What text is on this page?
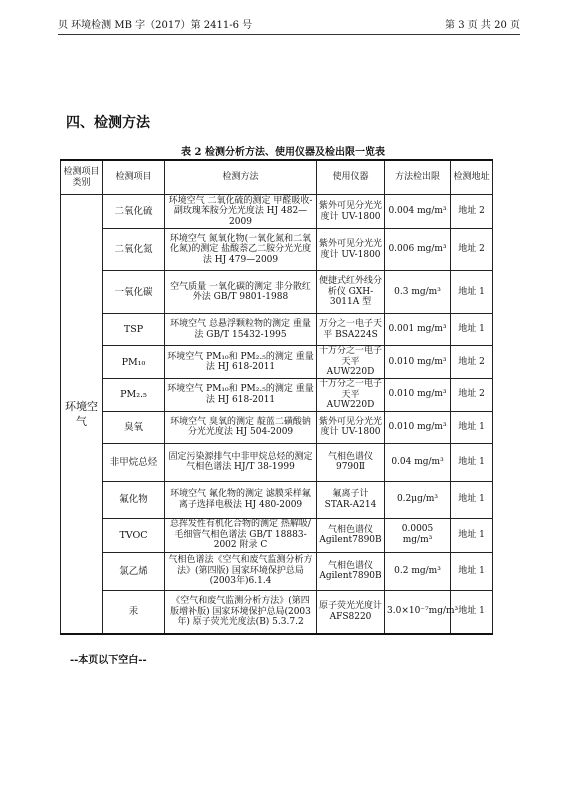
贝 环境检测 MB 字（2017）第 2411-6 号	第 3 页 共 20 页
四、检测方法
表 2 检测分析方法、使用仪器及检出限一览表
检测项目类别	检测项目	检测方法	使用仪器	方法检出限	检测地址
环境空气	二氧化硫	环境空气 二氧化硫的测定 甲醛吸收-副玫瑰苯胺分光光度法 HJ 482—2009	紫外可见分光光度计 UV-1800	0.004 mg/m³	地址 2
	二氧化氮	环境空气 氮氧化物(一氧化氮和二氧化氮)的测定 盐酸萘乙二胺分光光度法 HJ 479—2009	紫外可见分光光度计 UV-1800	0.006 mg/m³	地址 2
	一氧化碳	空气质量 一氧化碳的测定 非分散红外法 GB/T 9801-1988	便捷式红外线分析仪 GXH-3011A 型	0.3 mg/m³	地址 1
	TSP	环境空气 总悬浮颗粒物的测定 重量法 GB/T 15432-1995	万分之一电子天平 BSA224S	0.001 mg/m³	地址 1
	PM₁₀	环境空气 PM₁₀和 PM₂.₅的测定 重量法 HJ 618-2011	十万分之一电子天平 AUW220D	0.010 mg/m³	地址 2
	PM₂.₅	环境空气 PM₁₀和 PM₂.₅的测定 重量法 HJ 618-2011	十万分之一电子天平 AUW220D	0.010 mg/m³	地址 2
	臭氧	环境空气 臭氧的测定 靛蓝二磺酸钠分光光度法 HJ 504-2009	紫外可见分光光度计 UV-1800	0.010 mg/m³	地址 1
	非甲烷总烃	固定污染源排气中非甲烷总烃的测定 气相色谱法 HJ/T 38-1999	气相色谱仪 9790Ⅱ	0.04 mg/m³	地址 1
	氟化物	环境空气 氟化物的测定 滤膜采样氟离子选择电极法 HJ 480-2009	氟离子计 STAR-A214	0.2μg/m³	地址 1
	TVOC	总挥发性有机化合物的测定 热解吸/毛细管气相色谱法 GB/T 18883-2002 附录 C	气相色谱仪 Agilent7890B	0.0005 mg/m³	地址 1
	氯乙烯	气相色谱法《空气和废气监测分析方法》(第四版) 国家环境保护总局(2003年)6.1.4	气相色谱仪 Agilent7890B	0.2 mg/m³	地址 1
	汞	《空气和废气监测分析方法》(第四版增补版) 国家环境保护总局(2003年) 原子荧光光度法(B) 5.3.7.2	原子荧光光度计 AFS8220	3.0×10⁻⁷mg/m³	地址 1
--本页以下空白--
